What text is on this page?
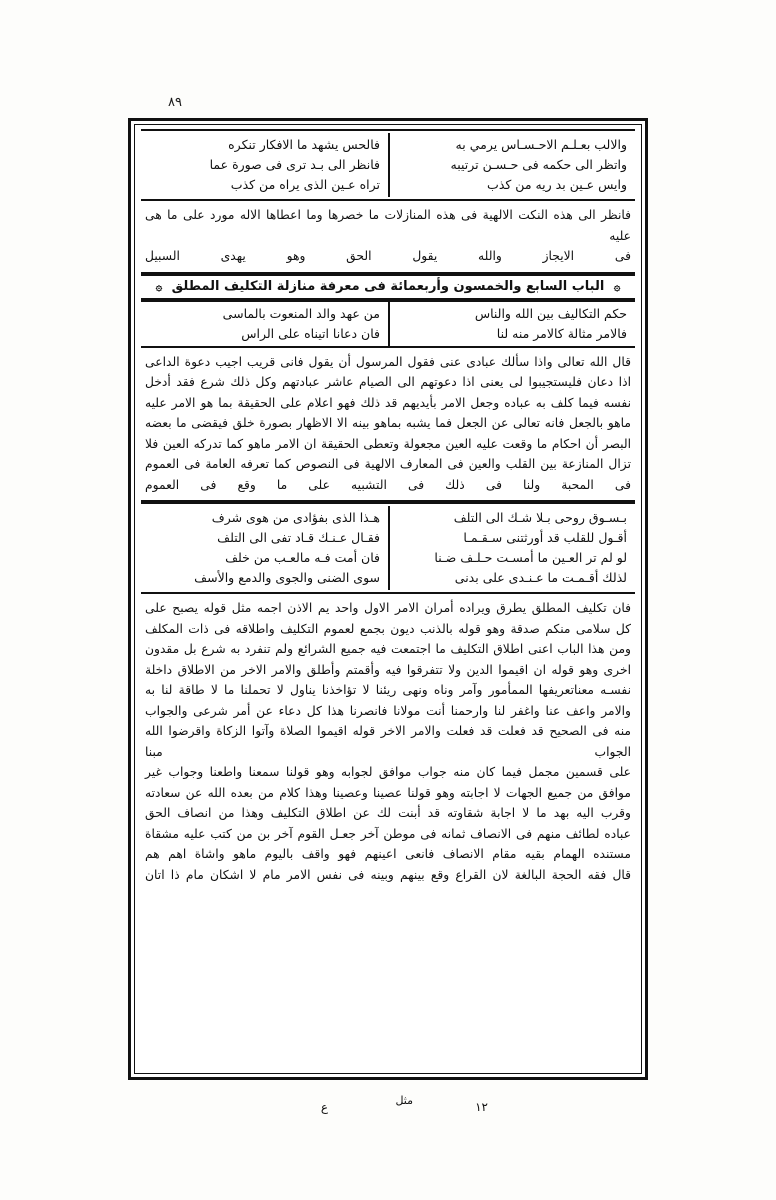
٨٩
والالب بعـلـم الاحـسـاس يرمي به
واتظر الى حكمه فى حـسـن ترتيبه
وايس عـين بد ريه من كذب
فالحس يشهد ما الافكار تنكره
فانظر الى بـد ترى فى صورة عما
تراه عـين الذى يراه من كذب
فانظر الى هذه النكت الالهية فى هذه المنازلات ما خصرها وما اعطاها الاله مورد على ما هى عليه
فى الايجاز والله يقول الحق وهو يهدى السبيل
۞ الباب السابع والخمسون وأربعمائة فى معرفة منازلة التكليف المطلق ۞
حكم التكاليف بين الله والناس
فالامر مثالة كالامر منه لنا
من عهد والد المنعوت بالماسى
فان دعانا اتيناه على الراس
قال الله تعالى واذا سألك عبادى عنى فقول المرسول أن يقول فانى قريب اجيب دعوة الداعى
اذا دعان فليستجيبوا لى يعنى اذا دعوتهم الى الصيام عاشر عبادتهم وكل ذلك شرع فقد أدخل
نفسه فيما كلف به عباده وجعل الامر بأيديهم قد ذلك فهو اعلام على الحقيقة بما هو الامر عليه
ماهو بالجعل فانه تعالى عن الجعل فما يشبه بماهو بينه الا الاظهار بصورة خلق فيقضى ما بعضه
البصر أن احكام ما وقعت عليه العين مجعولة وتعطى الحقيقة ان الامر ماهو كما تدركه العين فلا
تزال المنازعة بين القلب والعين فى المعارف الالهية فى النصوص كما تعرفه العامة فى العموم
فى المحبة ولنا فى ذلك فى التشبيه على ما وقع فى العموم
بـسـوق روحى بـلا شـك الى التلف
أقـول للقلب قد أورثتنى سـقـمـا
لو لم تر العـين ما أمسـت حـلـف ضـنا
لذلك أقـمـت ما عـنـدى على بدنى
هـذا الذى بفؤادى من هوى شرف
فقـال عـنـك قـاد تفى الى التلف
فان أمت فـه مالعـب من خلف
سوى الضنى والجوى والدمع والأسف
فان تكليف المطلق يطرق ويراده أمران الامر الاول واحد يم الاذن اجمه مثل قوله يصبح على
كل سلامى منكم صدقة وهو قوله بالذنب ديون بجمع لعموم التكليف واطلاقه فى ذات المكلف
ومن هذا الباب اعنى اطلاق التكليف ما اجتمعت فيه جميع الشرائع ولم تنفرد به شرع بل مقدون
اخرى وهو قوله ان اقيموا الدين ولا تتفرقوا فيه وأقمتم وأطلق والامر الاخر من الاطلاق داخلة
نفسـه معناتعريفها الممأمور وآمر وناه ونهى ريئنا لا تؤاخذنا يناول لا تحملنا ما لا طاقة لنا به
والامر واعف عنا واغفر لنا وارحمنا أنت مولانا فانصرنا هذا كل دعاء عن أمر شرعى والجواب
منه فى الصحيح قد فعلت قد فعلت والامر الاخر قوله اقيموا الصلاة وآتوا الزكاة واقرضوا الله الجواب مبنا
على قسمين مجمل فيما كان منه جواب موافق لجوابه وهو قولنا سمعنا واطعنا وجواب غير
موافق من جميع الجهات لا اجابته وهو قولنا عصينا وعصينا وهذا كلام من بعده الله عن سعادته
وقرب اليه بهد ما لا اجابة شقاوته قد أبنت لك عن اطلاق التكليف وهذا من انصاف الحق
عباده لطائف منهم فى الانصاف ثمانه فى موطن آخر جعـل القوم آخر بن من كتب عليه مشقاة
مستنده الهمام بقيه مقام الانصاف فانعى اعينهم فهو واقف باليوم ماهو واشاة اهم هم
قال فقه الحجة البالغة لان القراع وقع بينهم وبينه فى نفس الامر مام لا اشكان مام ذا اتان
١٢
مثل
ع
